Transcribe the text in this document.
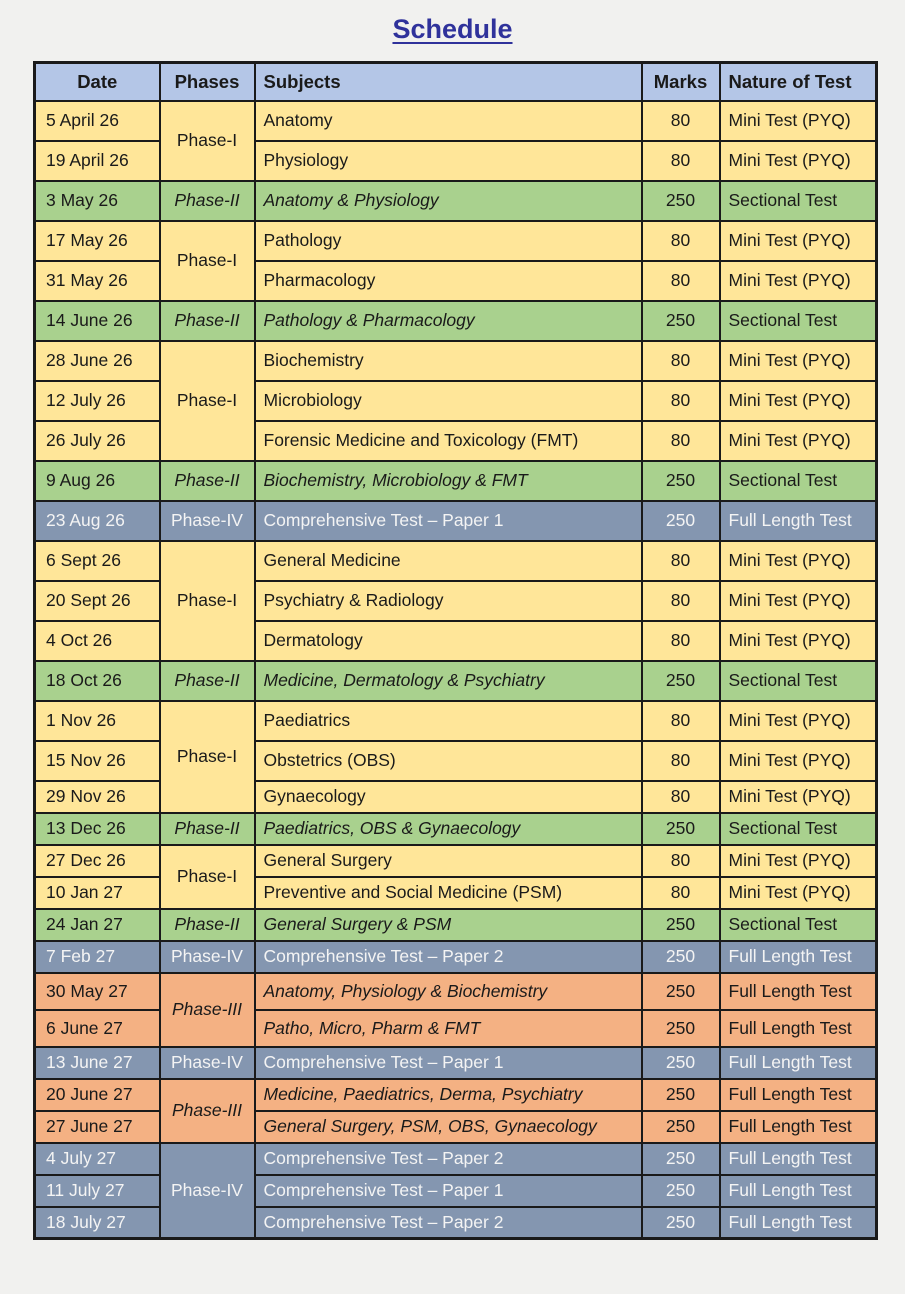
Schedule
Date	Phases	Subjects	Marks	Nature of Test
5 April 26	Phase-I	Anatomy	80	Mini Test (PYQ)
19 April 26		Physiology	80	Mini Test (PYQ)
3 May 26	Phase-II	Anatomy & Physiology	250	Sectional Test
17 May 26	Phase-I	Pathology	80	Mini Test (PYQ)
31 May 26		Pharmacology	80	Mini Test (PYQ)
14 June 26	Phase-II	Pathology & Pharmacology	250	Sectional Test
28 June 26	Phase-I	Biochemistry	80	Mini Test (PYQ)
12 July 26		Microbiology	80	Mini Test (PYQ)
26 July 26		Forensic Medicine and Toxicology (FMT)	80	Mini Test (PYQ)
9 Aug 26	Phase-II	Biochemistry, Microbiology & FMT	250	Sectional Test
23 Aug 26	Phase-IV	Comprehensive Test – Paper 1	250	Full Length Test
6 Sept 26	Phase-I	General Medicine	80	Mini Test (PYQ)
20 Sept 26		Psychiatry & Radiology	80	Mini Test (PYQ)
4 Oct 26		Dermatology	80	Mini Test (PYQ)
18 Oct 26	Phase-II	Medicine, Dermatology & Psychiatry	250	Sectional Test
1 Nov 26	Phase-I	Paediatrics	80	Mini Test (PYQ)
15 Nov 26		Obstetrics (OBS)	80	Mini Test (PYQ)
29 Nov 26		Gynaecology	80	Mini Test (PYQ)
13 Dec 26	Phase-II	Paediatrics, OBS & Gynaecology	250	Sectional Test
27 Dec 26	Phase-I	General Surgery	80	Mini Test (PYQ)
10 Jan 27		Preventive and Social Medicine (PSM)	80	Mini Test (PYQ)
24 Jan 27	Phase-II	General Surgery & PSM	250	Sectional Test
7 Feb 27	Phase-IV	Comprehensive Test – Paper 2	250	Full Length Test
30 May 27	Phase-III	Anatomy, Physiology & Biochemistry	250	Full Length Test
6 June 27		Patho, Micro, Pharm & FMT	250	Full Length Test
13 June 27	Phase-IV	Comprehensive Test – Paper 1	250	Full Length Test
20 June 27	Phase-III	Medicine, Paediatrics, Derma, Psychiatry	250	Full Length Test
27 June 27		General Surgery, PSM, OBS, Gynaecology	250	Full Length Test
4 July 27	Phase-IV	Comprehensive Test – Paper 2	250	Full Length Test
11 July 27		Comprehensive Test – Paper 1	250	Full Length Test
18 July 27		Comprehensive Test – Paper 2	250	Full Length Test
